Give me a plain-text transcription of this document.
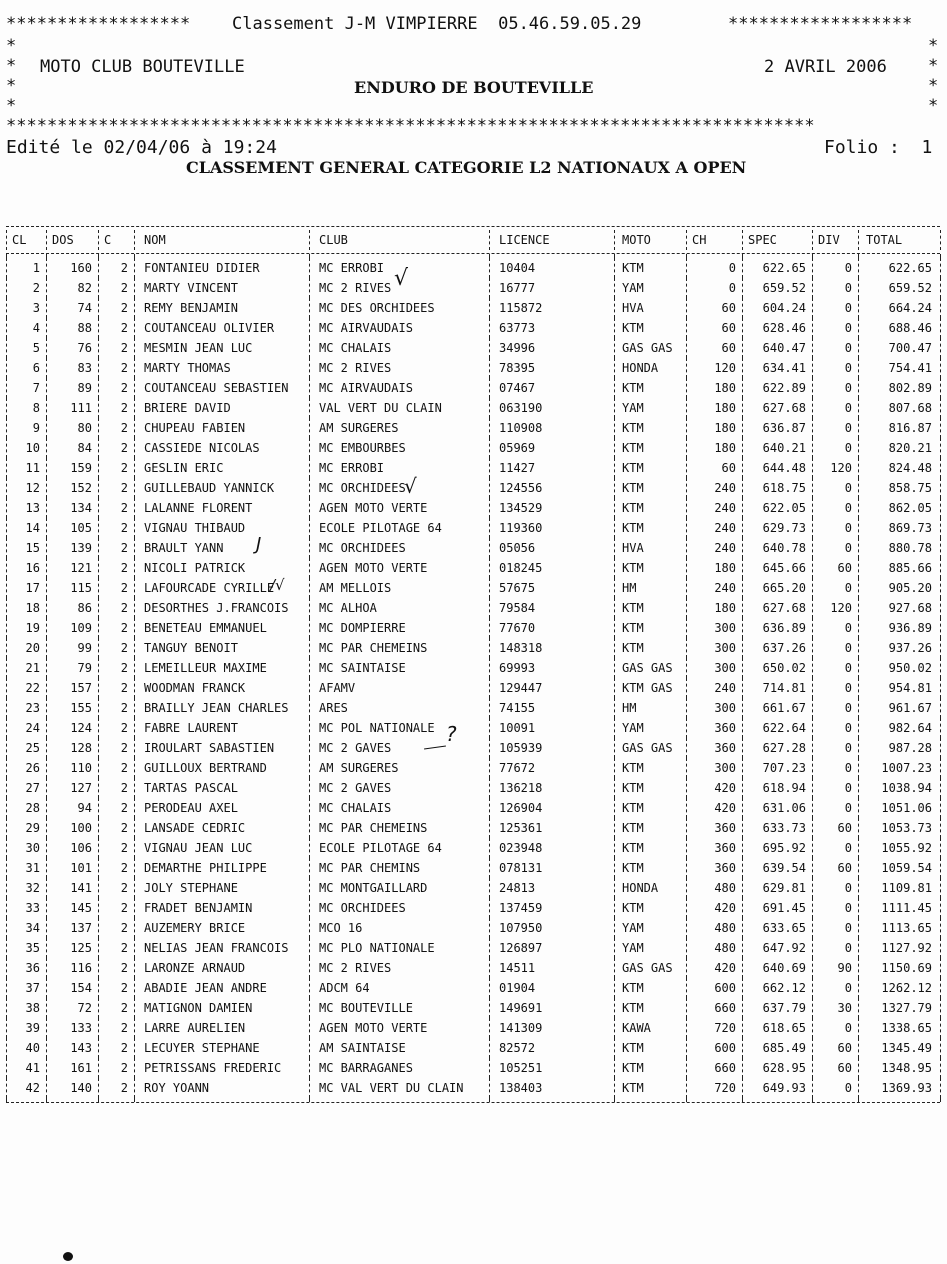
****************** Classement J-M VIMPIERRE  05.46.59.05.29	******************
*	*
* MOTO CLUB BOUTEVILLE	2 AVRIL 2006 *
*	ENDURO DE BOUTEVILLE	*
*	*
*******************************************************************************
Edité le 02/04/06 à 19:24	Folio :  1
CLASSEMENT GENERAL CATEGORIE L2 NATIONAUX A OPEN
CL	DOS	C	NOM	CLUB	LICENCE	MOTO	CH	SPEC	DIV	TOTAL
1	160	2	FONTANIEU DIDIER	MC ERROBI	10404	KTM	0	622.65	0	622.65
2	82	2	MARTY VINCENT	MC 2 RIVES	16777	YAM	0	659.52	0	659.52
3	74	2	REMY BENJAMIN	MC DES ORCHIDEES	115872	HVA	60	604.24	0	664.24
4	88	2	COUTANCEAU OLIVIER	MC AIRVAUDAIS	63773	KTM	60	628.46	0	688.46
5	76	2	MESMIN JEAN LUC	MC CHALAIS	34996	GAS GAS	60	640.47	0	700.47
6	83	2	MARTY THOMAS	MC 2 RIVES	78395	HONDA	120	634.41	0	754.41
7	89	2	COUTANCEAU SEBASTIEN	MC AIRVAUDAIS	07467	KTM	180	622.89	0	802.89
8	111	2	BRIERE DAVID	VAL VERT DU CLAIN	063190	YAM	180	627.68	0	807.68
9	80	2	CHUPEAU FABIEN	AM SURGERES	110908	KTM	180	636.87	0	816.87
10	84	2	CASSIEDE NICOLAS	MC EMBOURBES	05969	KTM	180	640.21	0	820.21
11	159	2	GESLIN ERIC	MC ERROBI	11427	KTM	60	644.48	120	824.48
12	152	2	GUILLEBAUD YANNICK	MC ORCHIDEES	124556	KTM	240	618.75	0	858.75
13	134	2	LALANNE FLORENT	AGEN MOTO VERTE	134529	KTM	240	622.05	0	862.05
14	105	2	VIGNAU THIBAUD	ECOLE PILOTAGE 64	119360	KTM	240	629.73	0	869.73
15	139	2	BRAULT YANN	MC ORCHIDEES	05056	HVA	240	640.78	0	880.78
16	121	2	NICOLI PATRICK	AGEN MOTO VERTE	018245	KTM	180	645.66	60	885.66
17	115	2	LAFOURCADE CYRILLE	AM MELLOIS	57675	HM	240	665.20	0	905.20
18	86	2	DESORTHES J.FRANCOIS	MC ALHOA	79584	KTM	180	627.68	120	927.68
19	109	2	BENETEAU EMMANUEL	MC DOMPIERRE	77670	KTM	300	636.89	0	936.89
20	99	2	TANGUY BENOIT	MC PAR CHEMEINS	148318	KTM	300	637.26	0	937.26
21	79	2	LEMEILLEUR MAXIME	MC SAINTAISE	69993	GAS GAS	300	650.02	0	950.02
22	157	2	WOODMAN FRANCK	AFAMV	129447	KTM GAS	240	714.81	0	954.81
23	155	2	BRAILLY JEAN CHARLES	ARES	74155	HM	300	661.67	0	961.67
24	124	2	FABRE LAURENT	MC POL NATIONALE	10091	YAM	360	622.64	0	982.64
25	128	2	IROULART SABASTIEN	MC 2 GAVES	105939	GAS GAS	360	627.28	0	987.28
26	110	2	GUILLOUX BERTRAND	AM SURGERES	77672	KTM	300	707.23	0	1007.23
27	127	2	TARTAS PASCAL	MC 2 GAVES	136218	KTM	420	618.94	0	1038.94
28	94	2	PERODEAU AXEL	MC CHALAIS	126904	KTM	420	631.06	0	1051.06
29	100	2	LANSADE CEDRIC	MC PAR CHEMEINS	125361	KTM	360	633.73	60	1053.73
30	106	2	VIGNAU JEAN LUC	ECOLE PILOTAGE 64	023948	KTM	360	695.92	0	1055.92
31	101	2	DEMARTHE PHILIPPE	MC PAR CHEMINS	078131	KTM	360	639.54	60	1059.54
32	141	2	JOLY STEPHANE	MC MONTGAILLARD	24813	HONDA	480	629.81	0	1109.81
33	145	2	FRADET BENJAMIN	MC ORCHIDEES	137459	KTM	420	691.45	0	1111.45
34	137	2	AUZEMERY BRICE	MCO 16	107950	YAM	480	633.65	0	1113.65
35	125	2	NELIAS JEAN FRANCOIS	MC PLO NATIONALE	126897	YAM	480	647.92	0	1127.92
36	116	2	LARONZE ARNAUD	MC 2 RIVES	14511	GAS GAS	420	640.69	90	1150.69
37	154	2	ABADIE JEAN ANDRE	ADCM 64	01904	KTM	600	662.12	0	1262.12
38	72	2	MATIGNON DAMIEN	MC BOUTEVILLE	149691	KTM	660	637.79	30	1327.79
39	133	2	LARRE AURELIEN	AGEN MOTO VERTE	141309	KAWA	720	618.65	0	1338.65
40	143	2	LECUYER STEPHANE	AM SAINTAISE	82572	KTM	600	685.49	60	1345.49
41	161	2	PETRISSANS FREDERIC	MC BARRAGANES	105251	KTM	660	628.95	60	1348.95
42	140	2	ROY YOANN	MC VAL VERT DU CLAIN	138403	KTM	720	649.93	0	1369.93
√
√
J
/√
?
